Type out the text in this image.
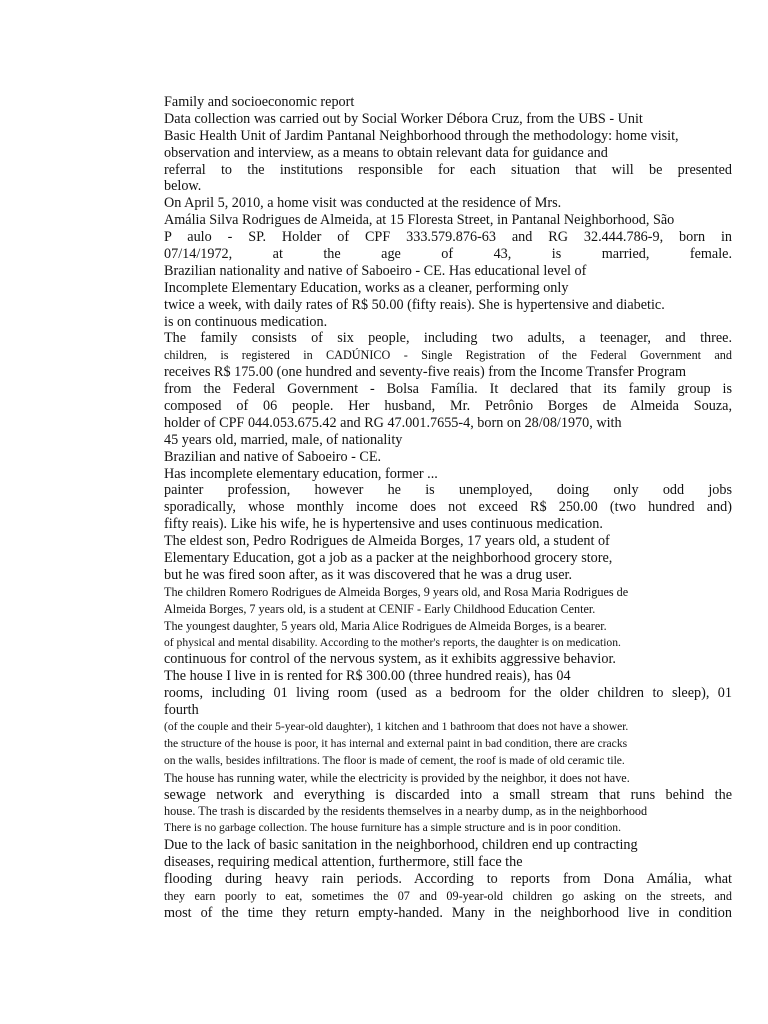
Family and socioeconomic report
Data collection was carried out by Social Worker Débora Cruz, from the UBS - Unit
Basic Health Unit of Jardim Pantanal Neighborhood through the methodology: home visit,
observation and interview, as a means to obtain relevant data for guidance and
referral to the institutions responsible for each situation that will be presented
below.
On April 5, 2010, a home visit was conducted at the residence of Mrs.
Amália Silva Rodrigues de Almeida, at 15 Floresta Street, in Pantanal Neighborhood, São
P aulo - SP. Holder of CPF 333.579.876-63 and RG 32.444.786-9, born in
07/14/1972, at the age of 43, is married, female.
Brazilian nationality and native of Saboeiro - CE. Has educational level of
Incomplete Elementary Education, works as a cleaner, performing only
twice a week, with daily rates of R$ 50.00 (fifty reais). She is hypertensive and diabetic.
is on continuous medication.
The family consists of six people, including two adults, a teenager, and three.
children, is registered in CADÚNICO - Single Registration of the Federal Government and
receives R$ 175.00 (one hundred and seventy-five reais) from the Income Transfer Program
from the Federal Government - Bolsa Família. It declared that its family group is
composed of 06 people. Her husband, Mr. Petrônio Borges de Almeida Souza,
holder of CPF 044.053.675.42 and RG 47.001.7655-4, born on 28/08/1970, with
45 years old, married, male, of nationality
Brazilian and native of Saboeiro - CE.
Has incomplete elementary education, former ...
painter profession, however he is unemployed, doing only odd jobs
sporadically, whose monthly income does not exceed R$ 250.00 (two hundred and)
fifty reais). Like his wife, he is hypertensive and uses continuous medication.
The eldest son, Pedro Rodrigues de Almeida Borges, 17 years old, a student of
Elementary Education, got a job as a packer at the neighborhood grocery store,
but he was fired soon after, as it was discovered that he was a drug user.
The children Romero Rodrigues de Almeida Borges, 9 years old, and Rosa Maria Rodrigues de
Almeida Borges, 7 years old, is a student at CENIF - Early Childhood Education Center.
The youngest daughter, 5 years old, Maria Alice Rodrigues de Almeida Borges, is a bearer.
of physical and mental disability. According to the mother's reports, the daughter is on medication.
continuous for control of the nervous system, as it exhibits aggressive behavior.
The house I live in is rented for R$ 300.00 (three hundred reais), has 04
rooms, including 01 living room (used as a bedroom for the older children to sleep), 01
fourth
(of the couple and their 5-year-old daughter), 1 kitchen and 1 bathroom that does not have a shower.
the structure of the house is poor, it has internal and external paint in bad condition, there are cracks
on the walls, besides infiltrations. The floor is made of cement, the roof is made of old ceramic tile.
The house has running water, while the electricity is provided by the neighbor, it does not have.
sewage network and everything is discarded into a small stream that runs behind the
house. The trash is discarded by the residents themselves in a nearby dump, as in the neighborhood
There is no garbage collection. The house furniture has a simple structure and is in poor condition.
Due to the lack of basic sanitation in the neighborhood, children end up contracting
diseases, requiring medical attention, furthermore, still face the
flooding during heavy rain periods. According to reports from Dona Amália, what
they earn poorly to eat, sometimes the 07 and 09-year-old children go asking on the streets, and
most of the time they return empty-handed. Many in the neighborhood live in condition
